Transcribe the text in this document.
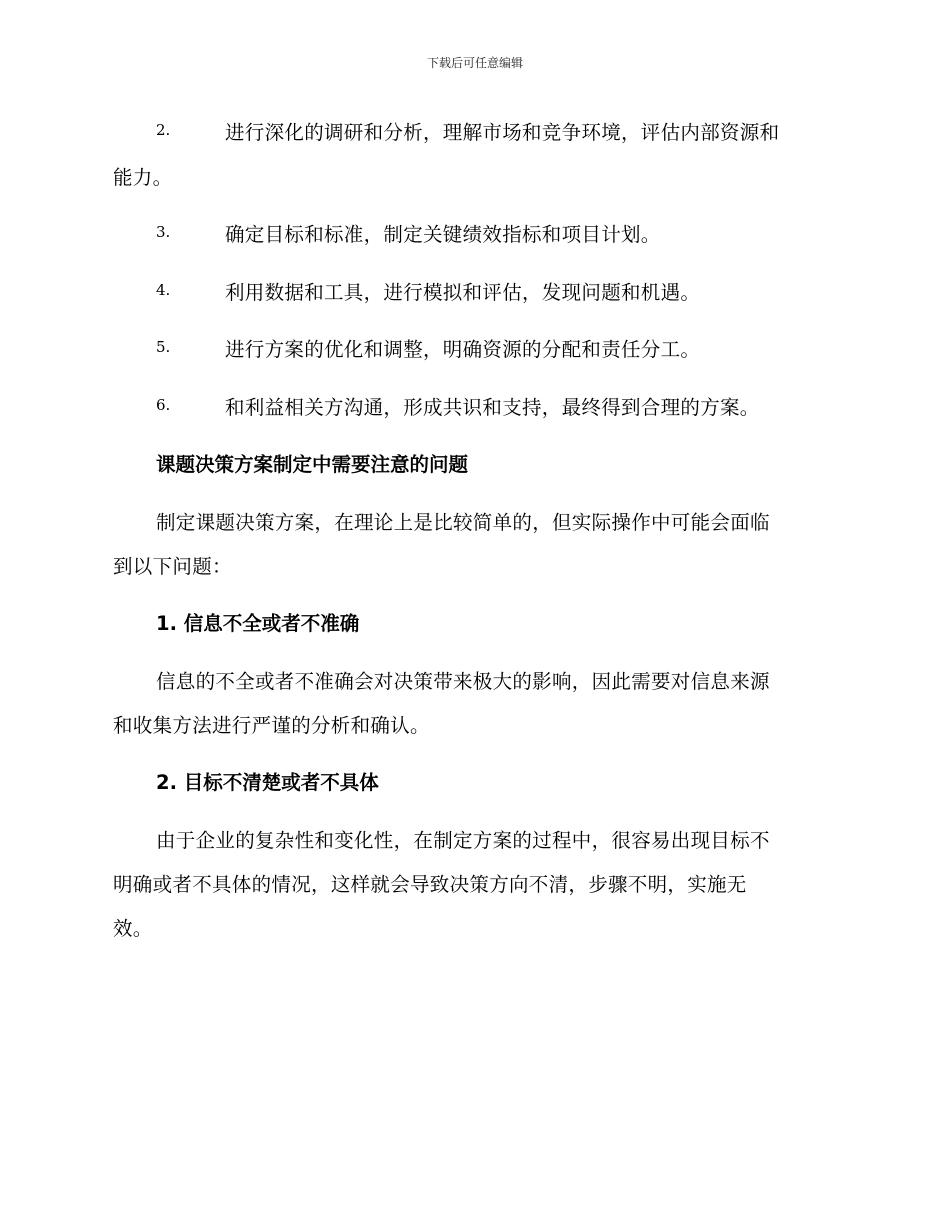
下载后可任意编辑
2.	进行深化的调研和分析，理解市场和竞争环境，评估内部资源和
能力。
3.	确定目标和标准，制定关键绩效指标和项目计划。
4.	利用数据和工具，进行模拟和评估，发现问题和机遇。
5.	进行方案的优化和调整，明确资源的分配和责任分工。
6.	和利益相关方沟通，形成共识和支持，最终得到合理的方案。
课题决策方案制定中需要注意的问题
制定课题决策方案，在理论上是比较简单的，但实际操作中可能会面临
到以下问题：
1. 信息不全或者不准确
信息的不全或者不准确会对决策带来极大的影响，因此需要对信息来源
和收集方法进行严谨的分析和确认。
2. 目标不清楚或者不具体
由于企业的复杂性和变化性，在制定方案的过程中，很容易出现目标不
明确或者不具体的情况，这样就会导致决策方向不清，步骤不明，实施无
效。
